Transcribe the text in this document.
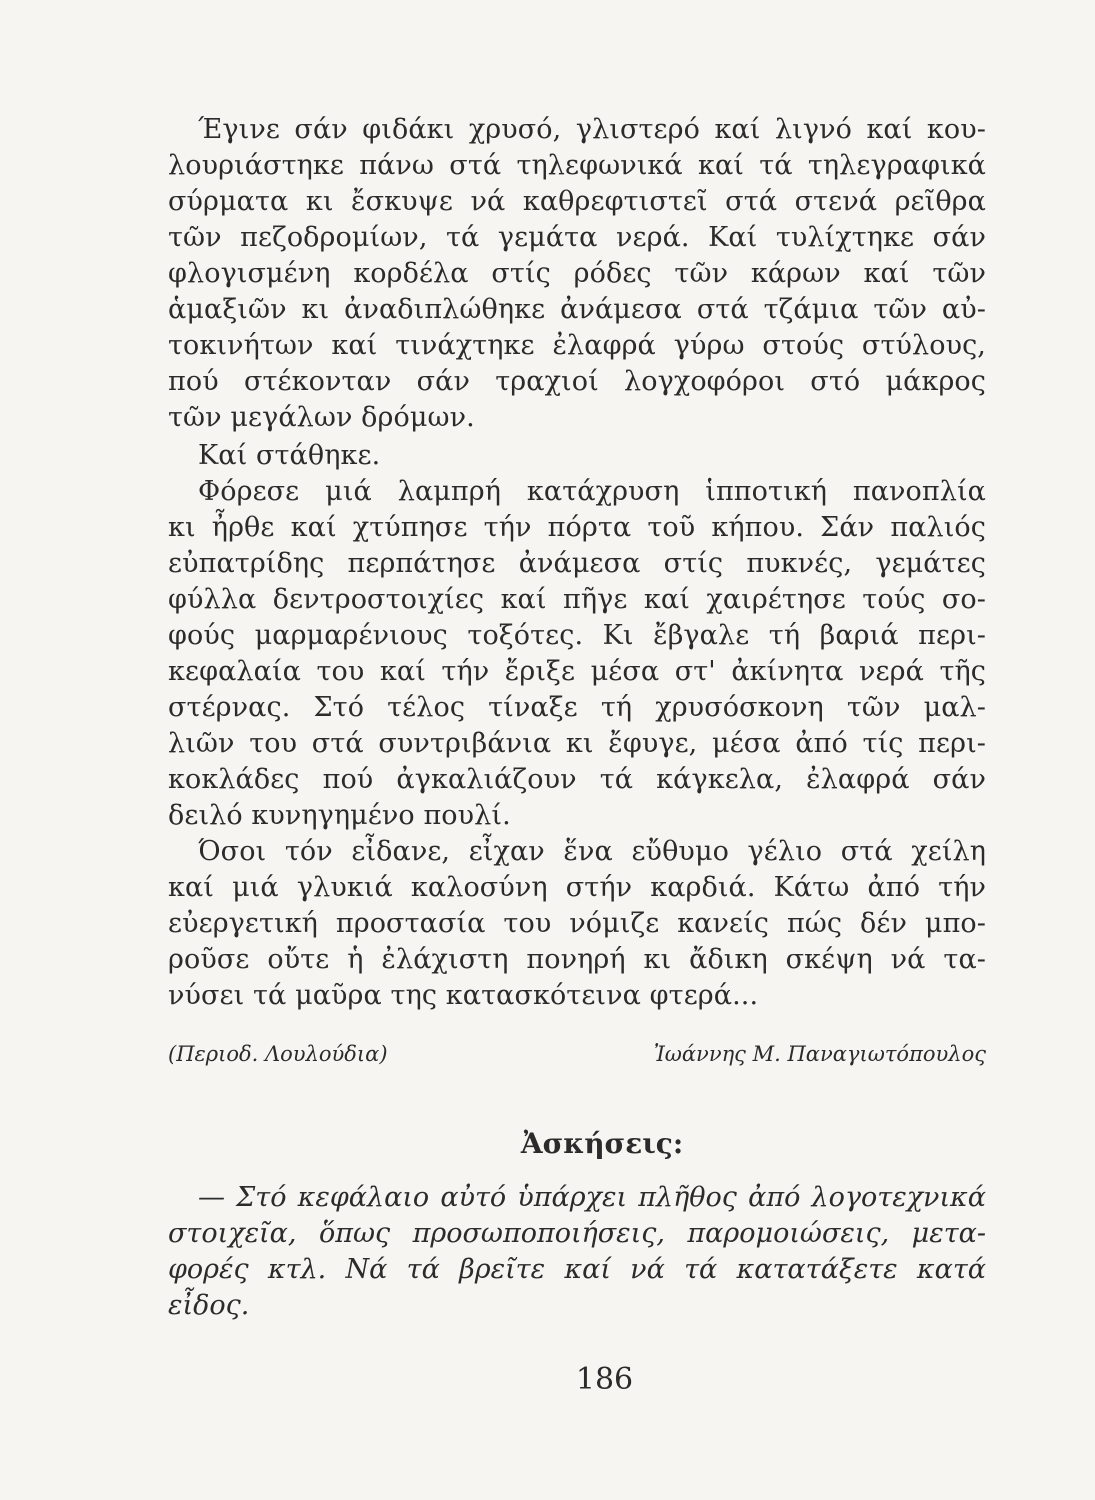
Έγινε σάν φιδάκι χρυσό, γλιστερό καί λιγνό καί κου-
λουριάστηκε πάνω στά τηλεφωνικά καί τά τηλεγραφικά
σύρματα κι ἔσκυψε νά καθρεφτιστεῖ στά στενά ρεῖθρα
τῶν πεζοδρομίων, τά γεμάτα νερά. Καί τυλίχτηκε σάν
φλογισμένη κορδέλα στίς ρόδες τῶν κάρων καί τῶν
ἁμαξιῶν κι ἀναδιπλώθηκε ἀνάμεσα στά τζάμια τῶν αὐ-
τοκινήτων καί τινάχτηκε ἐλαφρά γύρω στούς στύλους,
πού στέκονταν σάν τραχιοί λογχοφόροι στό μάκρος
τῶν μεγάλων δρόμων.
Καί στάθηκε.
Φόρεσε μιά λαμπρή κατάχρυση ἱπποτική πανοπλία
κι ἦρθε καί χτύπησε τήν πόρτα τοῦ κήπου. Σάν παλιός
εὐπατρίδης περπάτησε ἀνάμεσα στίς πυκνές, γεμάτες
φύλλα δεντροστοιχίες καί πῆγε καί χαιρέτησε τούς σο-
φούς μαρμαρένιους τοξότες. Κι ἔβγαλε τή βαριά περι-
κεφαλαία του καί τήν ἔριξε μέσα στ' ἀκίνητα νερά τῆς
στέρνας. Στό τέλος τίναξε τή χρυσόσκονη τῶν μαλ-
λιῶν του στά συντριβάνια κι ἔφυγε, μέσα ἀπό τίς περι-
κοκλάδες πού ἀγκαλιάζουν τά κάγκελα, ἐλαφρά σάν
δειλό κυνηγημένο πουλί.
Όσοι τόν εἶδανε, εἶχαν ἕνα εὔθυμο γέλιο στά χείλη
καί μιά γλυκιά καλοσύνη στήν καρδιά. Κάτω ἀπό τήν
εὐεργετική προστασία του νόμιζε κανείς πώς δέν μπο-
ροῦσε οὔτε ἡ ἐλάχιστη πονηρή κι ἄδικη σκέψη νά τα-
νύσει τά μαῦρα της κατασκότεινα φτερά...
(Περιοδ. Λουλούδια)	Ἰωάννης Μ. Παναγιωτόπουλος
Ἀσκήσεις:
— Στό κεφάλαιο αὐτό ὑπάρχει πλῆθος ἀπό λογοτεχνικά
στοιχεῖα, ὅπως προσωποποιήσεις, παρομοιώσεις, μετα-
φορές κτλ. Νά τά βρεῖτε καί νά τά κατατάξετε κατά
εἶδος.
186
